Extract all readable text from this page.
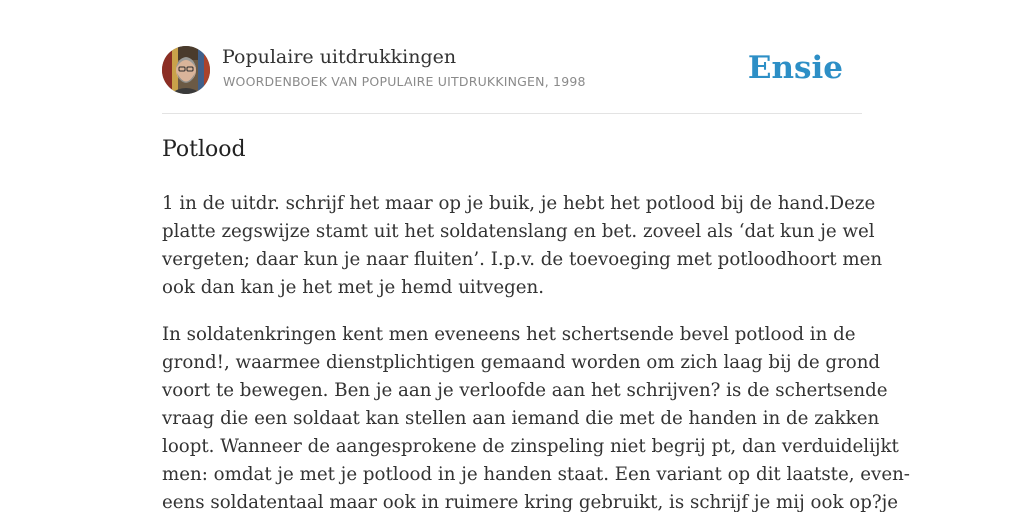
Populaire uitdrukkingen
WOORDENBOEK VAN POPULAIRE UITDRUKKINGEN, 1998	Ensie
Potlood

1 in de uitdr. schrijf het maar op je buik, je hebt het potlood bij de hand.Deze
platte zegswijze stamt uit het soldatenslang en bet. zoveel als ‘dat kun je wel
vergeten; daar kun je naar fluiten’. I.p.v. de toevoeging met potloodhoort men
ook dan kan je het met je hemd uitvegen.

In soldatenkringen kent men eveneens het schertsende bevel potlood in de
grond!, waarmee dienstplichtigen gemaand worden om zich laag bij de grond
voort te bewegen. Ben je aan je verloofde aan het schrijven? is de schertsende
vraag die een soldaat kan stellen aan iemand die met de handen in de zakken
loopt. Wanneer de aangesprokene de zinspeling niet begrij pt, dan verduidelijkt
men: omdat je met je potlood in je handen staat. Een variant op dit laatste, even-
eens soldatentaal maar ook in ruimere kring gebruikt, is schrijf je mij ook op?je
